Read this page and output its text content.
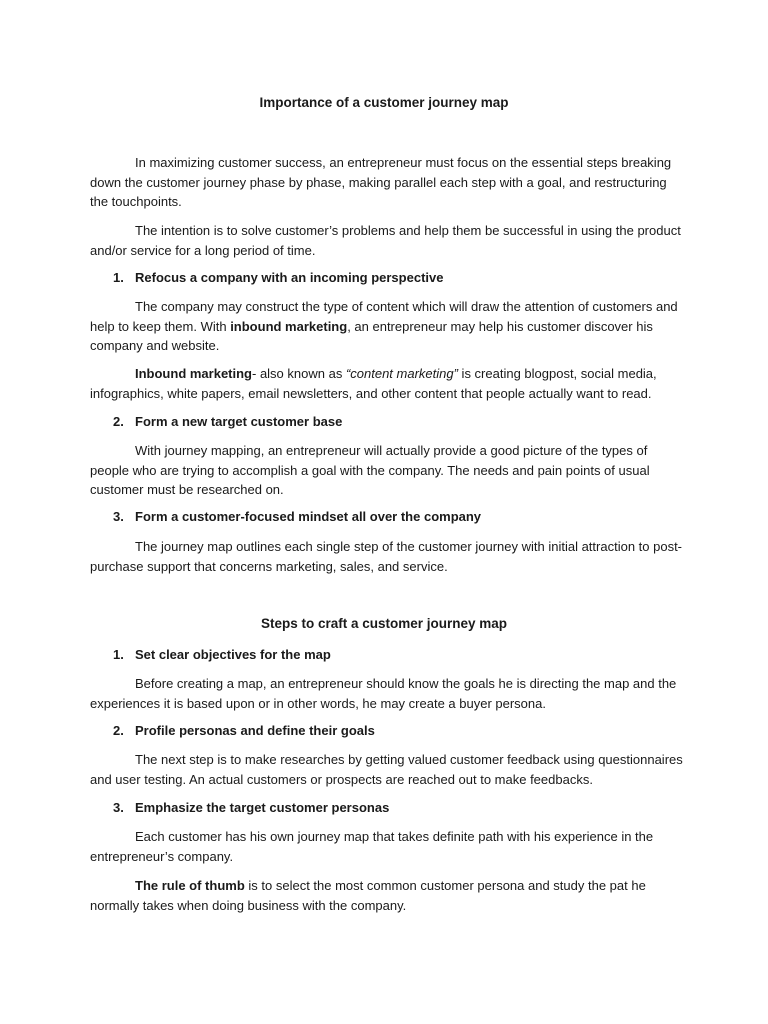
Importance of a customer journey map

In maximizing customer success, an entrepreneur must focus on the essential steps breaking down the customer journey phase by phase, making parallel each step with a goal, and restructuring the touchpoints.

The intention is to solve customer’s problems and help them be successful in using the product and/or service for a long period of time.

1. Refocus a company with an incoming perspective

The company may construct the type of content which will draw the attention of customers and help to keep them. With inbound marketing, an entrepreneur may help his customer discover his company and website.

Inbound marketing- also known as “content marketing” is creating blogpost, social media, infographics, white papers, email newsletters, and other content that people actually want to read.

2. Form a new target customer base

With journey mapping, an entrepreneur will actually provide a good picture of the types of people who are trying to accomplish a goal with the company. The needs and pain points of usual customer must be researched on.

3. Form a customer-focused mindset all over the company

The journey map outlines each single step of the customer journey with initial attraction to post-purchase support that concerns marketing, sales, and service.

Steps to craft a customer journey map

1. Set clear objectives for the map

Before creating a map, an entrepreneur should know the goals he is directing the map and the experiences it is based upon or in other words, he may create a buyer persona.

2. Profile personas and define their goals

The next step is to make researches by getting valued customer feedback using questionnaires and user testing. An actual customers or prospects are reached out to make feedbacks.

3. Emphasize the target customer personas

Each customer has his own journey map that takes definite path with his experience in the entrepreneur’s company.

The rule of thumb is to select the most common customer persona and study the pat he normally takes when doing business with the company.
